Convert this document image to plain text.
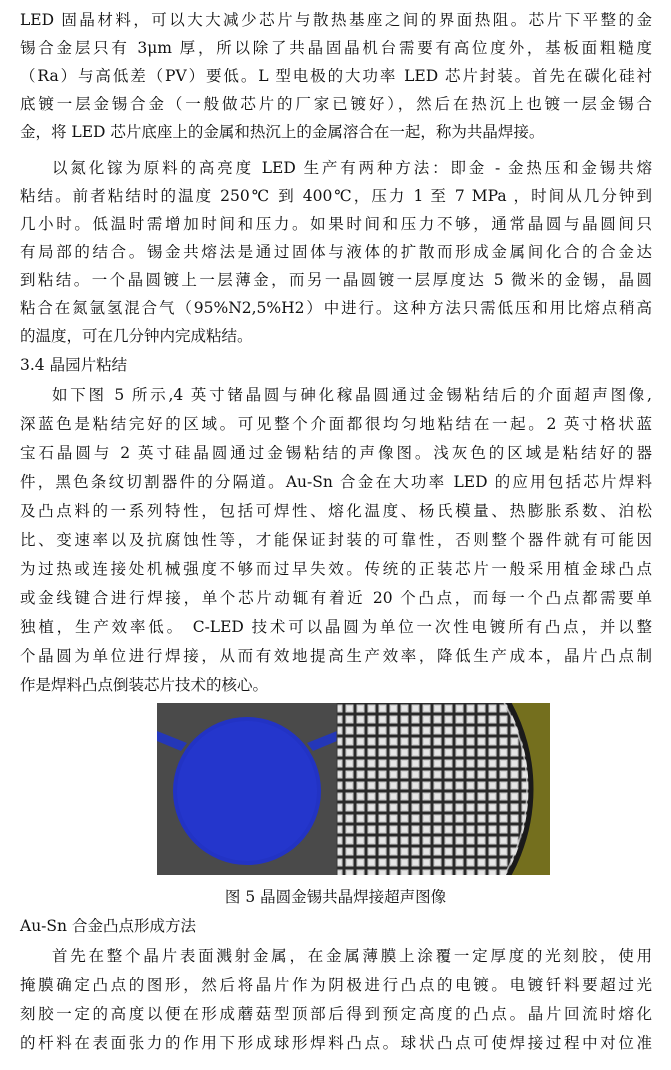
LED 固晶材料，可以大大减少芯片与散热基座之间的界面热阻。芯片下平整的金
锡合金层只有 3μm 厚，所以除了共晶固晶机台需要有高位度外，基板面粗糙度
（Ra）与高低差（PV）要低。L 型电极的大功率 LED 芯片封装。首先在碳化硅衬
底镀一层金锡合金（一般做芯片的厂家已镀好），然后在热沉上也镀一层金锡合
金，将 LED 芯片底座上的金属和热沉上的金属溶合在一起，称为共晶焊接。
以氮化镓为原料的高亮度 LED 生产有两种方法：即金 - 金热压和金锡共熔
粘结。前者粘结时的温度 250℃ 到 400℃，压力 1 至 7 MPa ，时间从几分钟到
几小时。低温时需增加时间和压力。如果时间和压力不够，通常晶圆与晶圆间只
有局部的结合。锡金共熔法是通过固体与液体的扩散而形成金属间化合的合金达
到粘结。一个晶圆镀上一层薄金，而另一晶圆镀一层厚度达 5 微米的金锡，晶圆
粘合在氮氩氢混合气（95%N2,5%H2）中进行。这种方法只需低压和用比熔点稍高
的温度，可在几分钟内完成粘结。
3.4 晶园片粘结
如下图 5 所示,4 英寸锗晶圆与砷化稼晶圆通过金锡粘结后的介面超声图像,
深蓝色是粘结完好的区域。可见整个介面都很均匀地粘结在一起。2 英寸格状蓝
宝石晶圆与 2 英寸硅晶圆通过金锡粘结的声像图。浅灰色的区域是粘结好的器
件，黑色条纹切割器件的分隔道。Au-Sn 合金在大功率 LED 的应用包括芯片焊料
及凸点料的一系列特性，包括可焊性、熔化温度、杨氏模量、热膨胀系数、泊松
比、变速率以及抗腐蚀性等，才能保证封装的可靠性，否则整个器件就有可能因
为过热或连接处机械强度不够而过早失效。传统的正装芯片一般采用植金球凸点
或金线键合进行焊接，单个芯片动辄有着近 20 个凸点，而每一个凸点都需要单
独植，生产效率低。 C-LED 技术可以晶圆为单位一次性电镀所有凸点，并以整
个晶圆为单位进行焊接，从而有效地提高生产效率，降低生产成本，晶片凸点制
作是焊料凸点倒装芯片技术的核心。
图 5 晶圆金锡共晶焊接超声图像
Au-Sn 合金凸点形成方法
首先在整个晶片表面溅射金属，在金属薄膜上涂覆一定厚度的光刻胶，使用
掩膜确定凸点的图形，然后将晶片作为阴极进行凸点的电镀。电镀钎料要超过光
刻胶一定的高度以便在形成蘑菇型顶部后得到预定高度的凸点。晶片回流时熔化
的杆料在表面张力的作用下形成球形焊料凸点。球状凸点可使焊接过程中对位准
